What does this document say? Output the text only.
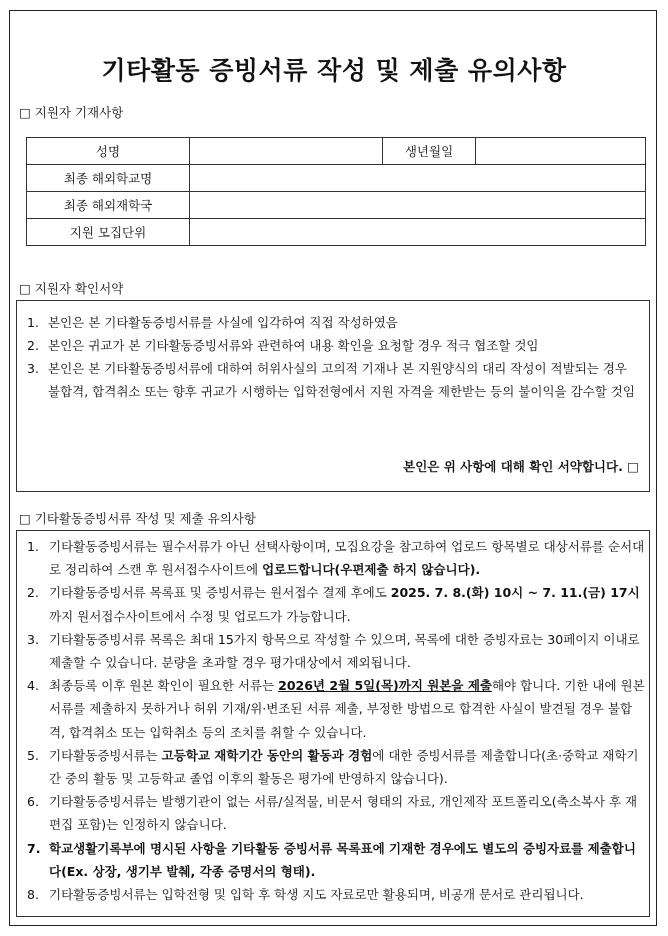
기타활동 증빙서류 작성 및 제출 유의사항
□ 지원자 기재사항
성명		생년월일	
최종 해외학교명			
최종 해외재학국			
지원 모집단위			
□ 지원자 확인서약
1. 본인은 본 기타활동증빙서류를 사실에 입각하여 직접 작성하였음
2. 본인은 귀교가 본 기타활동증빙서류와 관련하여 내용 확인을 요청할 경우 적극 협조할 것임
3. 본인은 본 기타활동증빙서류에 대하여 허위사실의 고의적 기재나 본 지원양식의 대리 작성이 적발되는 경우 불합격, 합격취소 또는 향후 귀교가 시행하는 입학전형에서 지원 자격을 제한받는 등의 불이익을 감수할 것임
본인은 위 사항에 대해 확인 서약합니다. □
□ 기타활동증빙서류 작성 및 제출 유의사항
1. 기타활동증빙서류는 필수서류가 아닌 선택사항이며, 모집요강을 참고하여 업로드 항목별로 대상서류를 순서대로 정리하여 스캔 후 원서접수사이트에 업로드합니다(우편제출 하지 않습니다).
2. 기타활동증빙서류 목록표 및 증빙서류는 원서접수 결제 후에도 2025. 7. 8.(화) 10시 ~ 7. 11.(금) 17시까지 원서접수사이트에서 수정 및 업로드가 가능합니다.
3. 기타활동증빙서류 목록은 최대 15가지 항목으로 작성할 수 있으며, 목록에 대한 증빙자료는 30페이지 이내로 제출할 수 있습니다. 분량을 초과할 경우 평가대상에서 제외됩니다.
4. 최종등록 이후 원본 확인이 필요한 서류는 2026년 2월 5일(목)까지 원본을 제출해야 합니다. 기한 내에 원본서류를 제출하지 못하거나 허위 기재/위·변조된 서류 제출, 부정한 방법으로 합격한 사실이 발견될 경우 불합격, 합격취소 또는 입학취소 등의 조치를 취할 수 있습니다.
5. 기타활동증빙서류는 고등학교 재학기간 동안의 활동과 경험에 대한 증빙서류를 제출합니다(초·중학교 재학기간 중의 활동 및 고등학교 졸업 이후의 활동은 평가에 반영하지 않습니다).
6. 기타활동증빙서류는 발행기관이 없는 서류/실적물, 비문서 형태의 자료, 개인제작 포트폴리오(축소복사 후 재편집 포함)는 인정하지 않습니다.
7. 학교생활기록부에 명시된 사항을 기타활동 증빙서류 목록표에 기재한 경우에도 별도의 증빙자료를 제출합니다(Ex. 상장, 생기부 발췌, 각종 증명서의 형태).
8. 기타활동증빙서류는 입학전형 및 입학 후 학생 지도 자료로만 활용되며, 비공개 문서로 관리됩니다.
